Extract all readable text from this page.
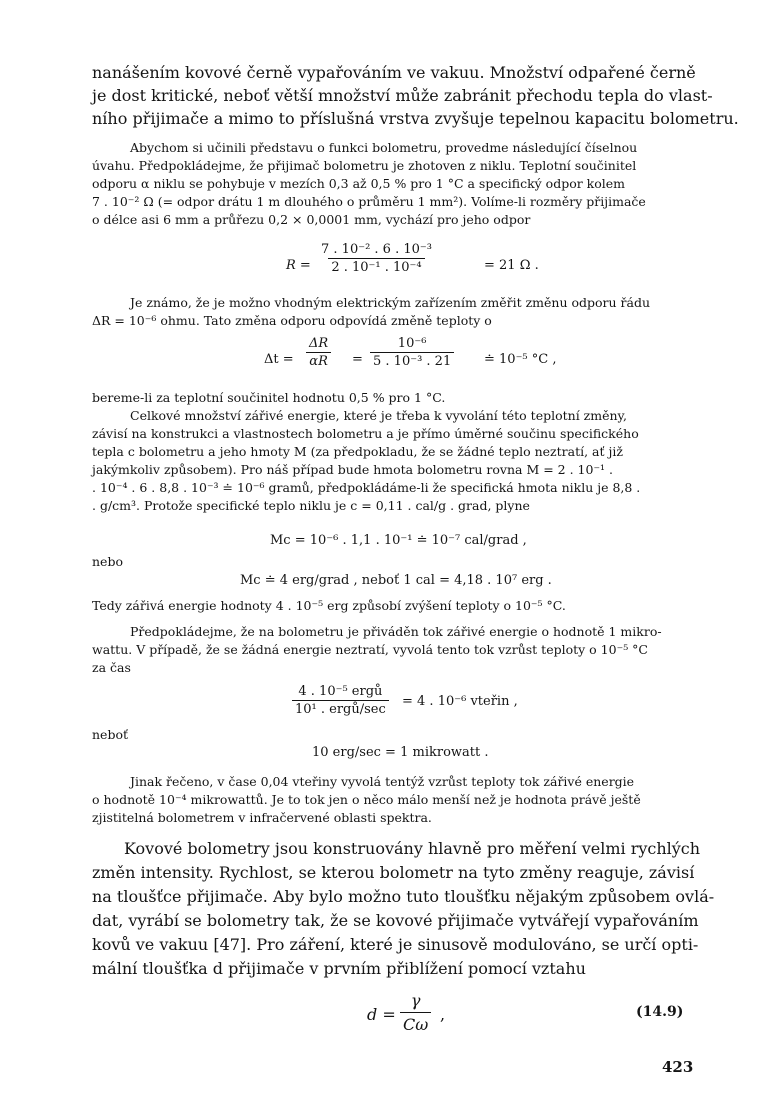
nanášením kovové černě vypařováním ve vakuu. Množství odpařené černě
je dost kritické, neboť větší množství může zabránit přechodu tepla do vlast-
ního přijimače a mimo to příslušná vrstva zvyšuje tepelnou kapacitu bolometru.
Abychom si učinili představu o funkci bolometru, provedme následující číselnou
úvahu. Předpokládejme, že přijimač bolometru je zhotoven z niklu. Teplotní součinitel
odporu α niklu se pohybuje v mezích 0,3 až 0,5 % pro 1 °C a specifický odpor kolem
7 . 10⁻² Ω (= odpor drátu 1 m dlouhého o průměru 1 mm²). Volíme-li rozměry přijimače
o délce asi 6 mm a průřezu 0,2 × 0,0001 mm, vychází pro jeho odpor
$R = \frac{\text{7 . 10⁻² . 6 . 10⁻³}}{\text{2 . 10⁻¹ . 10⁻⁴}}$	= 21 Ω .
Je známo, že je možno vhodným elektrickým zařízením změřit změnu odporu řádu
ΔR = 10⁻⁶ ohmu. Tato změna odporu odpovídá změně teploty o
$\Delta t = \frac{\Delta R}{\alpha R} = \frac{\text{10⁻⁶}}{\text{5 . 10⁻³ . 21}}$ ≐ 10⁻⁵ °C ,
bereme-li za teplotní součinitel hodnotu 0,5 % pro 1 °C.
Celkové množství zářivé energie, které je třeba k vyvolání této teplotní změny,
závisí na konstrukci a vlastnostech bolometru a je přímo úměrné součinu specifického
tepla c bolometru a jeho hmoty M (za předpokladu, že se žádné teplo neztratí, ať již
jakýmkoliv způsobem). Pro náš případ bude hmota bolometru rovna M = 2 . 10⁻¹ .
. 10⁻⁴ . 6 . 8,8 . 10⁻³ ≐ 10⁻⁶ gramů, předpokládáme-li že specifická hmota niklu je 8,8 .
. g/cm³. Protože specifické teplo niklu je c = 0,11 . cal/g . grad, plyne
Mc = 10⁻⁶ . 1,1 . 10⁻¹ ≐ 10⁻⁷ cal/grad ,
nebo
Mc ≐ 4 erg/grad , neboť 1 cal = 4,18 . 10⁷ erg .
Tedy zářivá energie hodnoty 4 . 10⁻⁵ erg způsobí zvýšení teploty o 10⁻⁵ °C.
Předpokládejme, že na bolometru je přiváděn tok zářivé energie o hodnotě 1 mikro-
wattu. V případě, že se žádná energie neztratí, vyvolá tento tok vzrůst teploty o 10⁻⁵ °C
za čas
4 . 10⁻⁵ ergů
10¹ . ergů/sec
= 4 . 10⁻⁶ vteřin ,
neboť
10 erg/sec = 1 mikrowatt .
Jinak řečeno, v čase 0,04 vteřiny vyvolá tentýž vzrůst teploty tok zářivé energie
o hodnotě 10⁻⁴ mikrowattů. Je to tok jen o něco málo menší než je hodnota právě ještě
zjistitelná bolometrem v infračervené oblasti spektra.
Kovové bolometry jsou konstruovány hlavně pro měření velmi rychlých
změn intensity. Rychlost, se kterou bolometr na tyto změny reaguje, závisí
na tloušťce přijimače. Aby bylo možno tuto tloušťku nějakým způsobem ovlá-
dat, vyrábí se bolometry tak, že se kovové přijimače vytvářejí vypařováním
kovů ve vakuu [47]. Pro záření, které je sinusově modulováno, se určí opti-
mální tloušťka d přijimače v prvním přiblížení pomocí vztahu
$d = \frac{\gamma}{C\omega}$ ,	(14.9)
423
